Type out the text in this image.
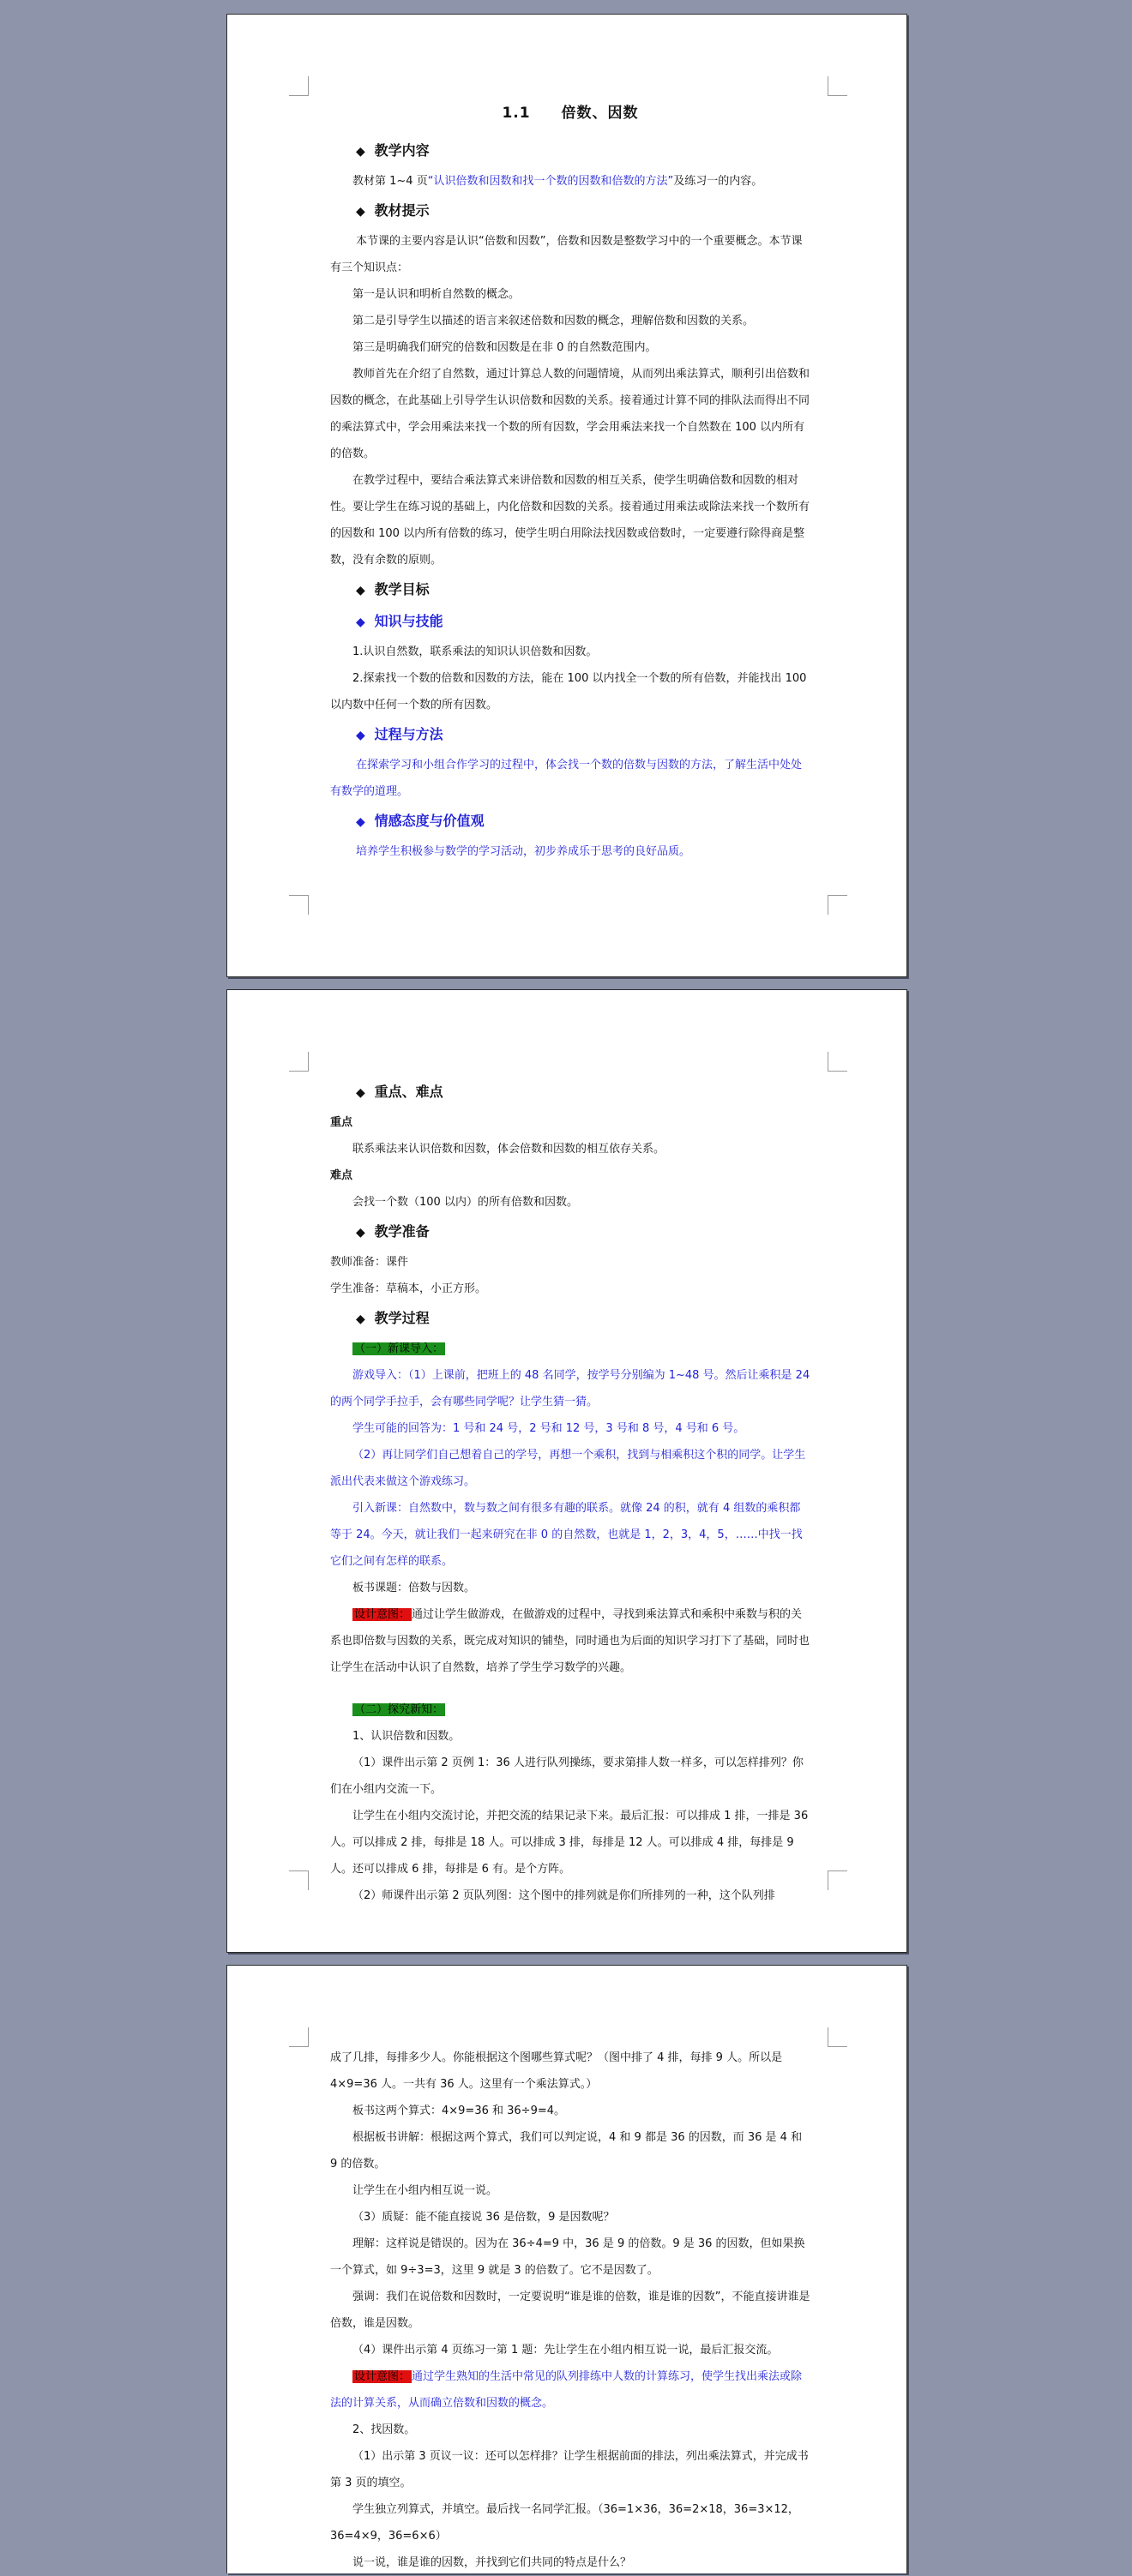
1.1　　倍数、因数

◆ 教学内容

教材第 1~4 页“认识倍数和因数和找一个数的因数和倍数的方法”及练习一的内容。

◆ 教材提示

本节课的主要内容是认识“倍数和因数”，倍数和因数是整数学习中的一个重要概念。本节课有三个知识点：

第一是认识和明析自然数的概念。

第二是引导学生以描述的语言来叙述倍数和因数的概念，理解倍数和因数的关系。

第三是明确我们研究的倍数和因数是在非 0 的自然数范围内。

教师首先在介绍了自然数，通过计算总人数的问题情境，从而列出乘法算式，顺利引出倍数和因数的概念，在此基础上引导学生认识倍数和因数的关系。接着通过计算不同的排队法而得出不同的乘法算式中，学会用乘法来找一个数的所有因数，学会用乘法来找一个自然数在 100 以内所有的倍数。

在教学过程中，要结合乘法算式来讲倍数和因数的相互关系，使学生明确倍数和因数的相对性。要让学生在练习说的基础上，内化倍数和因数的关系。接着通过用乘法或除法来找一个数所有的因数和 100 以内所有倍数的练习，使学生明白用除法找因数或倍数时，一定要遵行除得商是整数，没有余数的原则。

◆ 教学目标
◆ 知识与技能

1.认识自然数，联系乘法的知识认识倍数和因数。

2.探索找一个数的倍数和因数的方法，能在 100 以内找全一个数的所有倍数，并能找出 100 以内数中任何一个数的所有因数。

◆ 过程与方法

在探索学习和小组合作学习的过程中，体会找一个数的倍数与因数的方法，了解生活中处处有数学的道理。

◆ 情感态度与价值观

培养学生积极参与数学的学习活动，初步养成乐于思考的良好品质。

◆ 重点、难点

重点

联系乘法来认识倍数和因数，体会倍数和因数的相互依存关系。

难点

会找一个数（100 以内）的所有倍数和因数。

◆ 教学准备

教师准备：课件

学生准备：草稿本，小正方形。

◆ 教学过程

（一）新课导入：

游戏导入：（1）上课前，把班上的 48 名同学，按学号分别编为 1~48 号。然后让乘积是 24 的两个同学手拉手，会有哪些同学呢？让学生猜一猜。

学生可能的回答为：1 号和 24 号，2 号和 12 号，3 号和 8 号，4 号和 6 号。

（2）再让同学们自己想着自己的学号，再想一个乘积，找到与相乘积这个积的同学。让学生派出代表来做这个游戏练习。

引入新课：自然数中，数与数之间有很多有趣的联系。就像 24 的积，就有 4 组数的乘积都等于 24。今天，就让我们一起来研究在非 0 的自然数，也就是 1，2，3，4，5，……中找一找它们之间有怎样的联系。

板书课题：倍数与因数。

设计意图： 通过让学生做游戏，在做游戏的过程中，寻找到乘法算式和乘积中乘数与积的关系也即倍数与因数的关系，既完成对知识的铺垫，同时通也为后面的知识学习打下了基础，同时也让学生在活动中认识了自然数，培养了学生学习数学的兴趣。

（二）探究新知：

1、认识倍数和因数。

（1）课件出示第 2 页例 1：36 人进行队列操练，要求第排人数一样多，可以怎样排列？你们在小组内交流一下。

让学生在小组内交流讨论，并把交流的结果记录下来。最后汇报：可以排成 1 排，一排是 36 人。可以排成 2 排，每排是 18 人。可以排成 3 排，每排是 12 人。可以排成 4 排，每排是 9 人。还可以排成 6 排，每排是 6 有。是个方阵。

（2）师课件出示第 2 页队列图：这个图中的排列就是你们所排列的一种，这个队列排

成了几排，每排多少人。你能根据这个图哪些算式呢？（图中排了 4 排，每排 9 人。所以是 4×9=36 人。一共有 36 人。这里有一个乘法算式。）

板书这两个算式：4×9=36 和 36÷9=4。

根据板书讲解：根据这两个算式，我们可以判定说，4 和 9 都是 36 的因数，而 36 是 4 和 9 的倍数。

让学生在小组内相互说一说。

（3）质疑：能不能直接说 36 是倍数，9 是因数呢？

理解：这样说是错误的。因为在 36÷4=9 中，36 是 9 的倍数。9 是 36 的因数，但如果换一个算式，如 9÷3=3，这里 9 就是 3 的倍数了。它不是因数了。

强调：我们在说倍数和因数时，一定要说明“谁是谁的倍数，谁是谁的因数”，不能直接讲谁是倍数，谁是因数。

（4）课件出示第 4 页练习一第 1 题：先让学生在小组内相互说一说，最后汇报交流。

设计意图： 通过学生熟知的生活中常见的队列排练中人数的计算练习，使学生找出乘法或除法的计算关系，从而确立倍数和因数的概念。

2、找因数。

（1）出示第 3 页议一议：还可以怎样排？让学生根据前面的排法，列出乘法算式，并完成书第 3 页的填空。

学生独立列算式，并填空。最后找一名同学汇报。（36=1×36，36=2×18，36=3×12，36=4×9，36=6×6）

说一说，谁是谁的因数，并找到它们共同的特点是什么？
